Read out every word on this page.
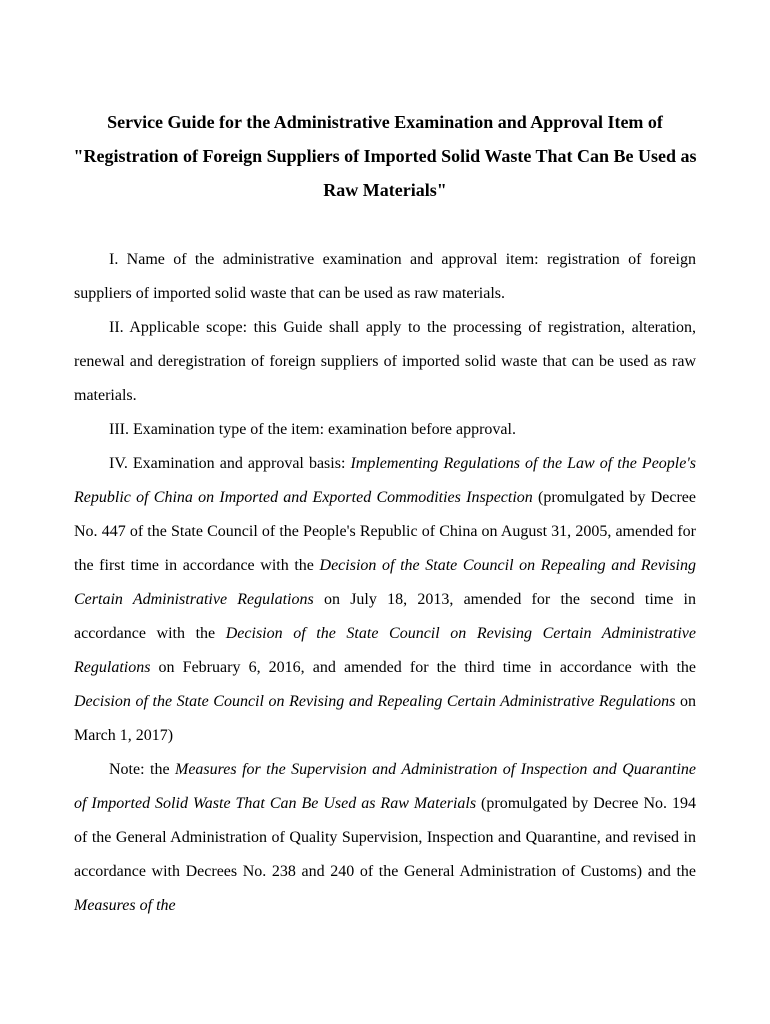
Service Guide for the Administrative Examination and Approval Item of "Registration of Foreign Suppliers of Imported Solid Waste That Can Be Used as Raw Materials"

I. Name of the administrative examination and approval item: registration of foreign suppliers of imported solid waste that can be used as raw materials.

II. Applicable scope: this Guide shall apply to the processing of registration, alteration, renewal and deregistration of foreign suppliers of imported solid waste that can be used as raw materials.

III. Examination type of the item: examination before approval.

IV. Examination and approval basis: Implementing Regulations of the Law of the People's Republic of China on Imported and Exported Commodities Inspection (promulgated by Decree No. 447 of the State Council of the People's Republic of China on August 31, 2005, amended for the first time in accordance with the Decision of the State Council on Repealing and Revising Certain Administrative Regulations on July 18, 2013, amended for the second time in accordance with the Decision of the State Council on Revising Certain Administrative Regulations on February 6, 2016, and amended for the third time in accordance with the Decision of the State Council on Revising and Repealing Certain Administrative Regulations on March 1, 2017)

Note: the Measures for the Supervision and Administration of Inspection and Quarantine of Imported Solid Waste That Can Be Used as Raw Materials (promulgated by Decree No. 194 of the General Administration of Quality Supervision, Inspection and Quarantine, and revised in accordance with Decrees No. 238 and 240 of the General Administration of Customs) and the Measures of the
